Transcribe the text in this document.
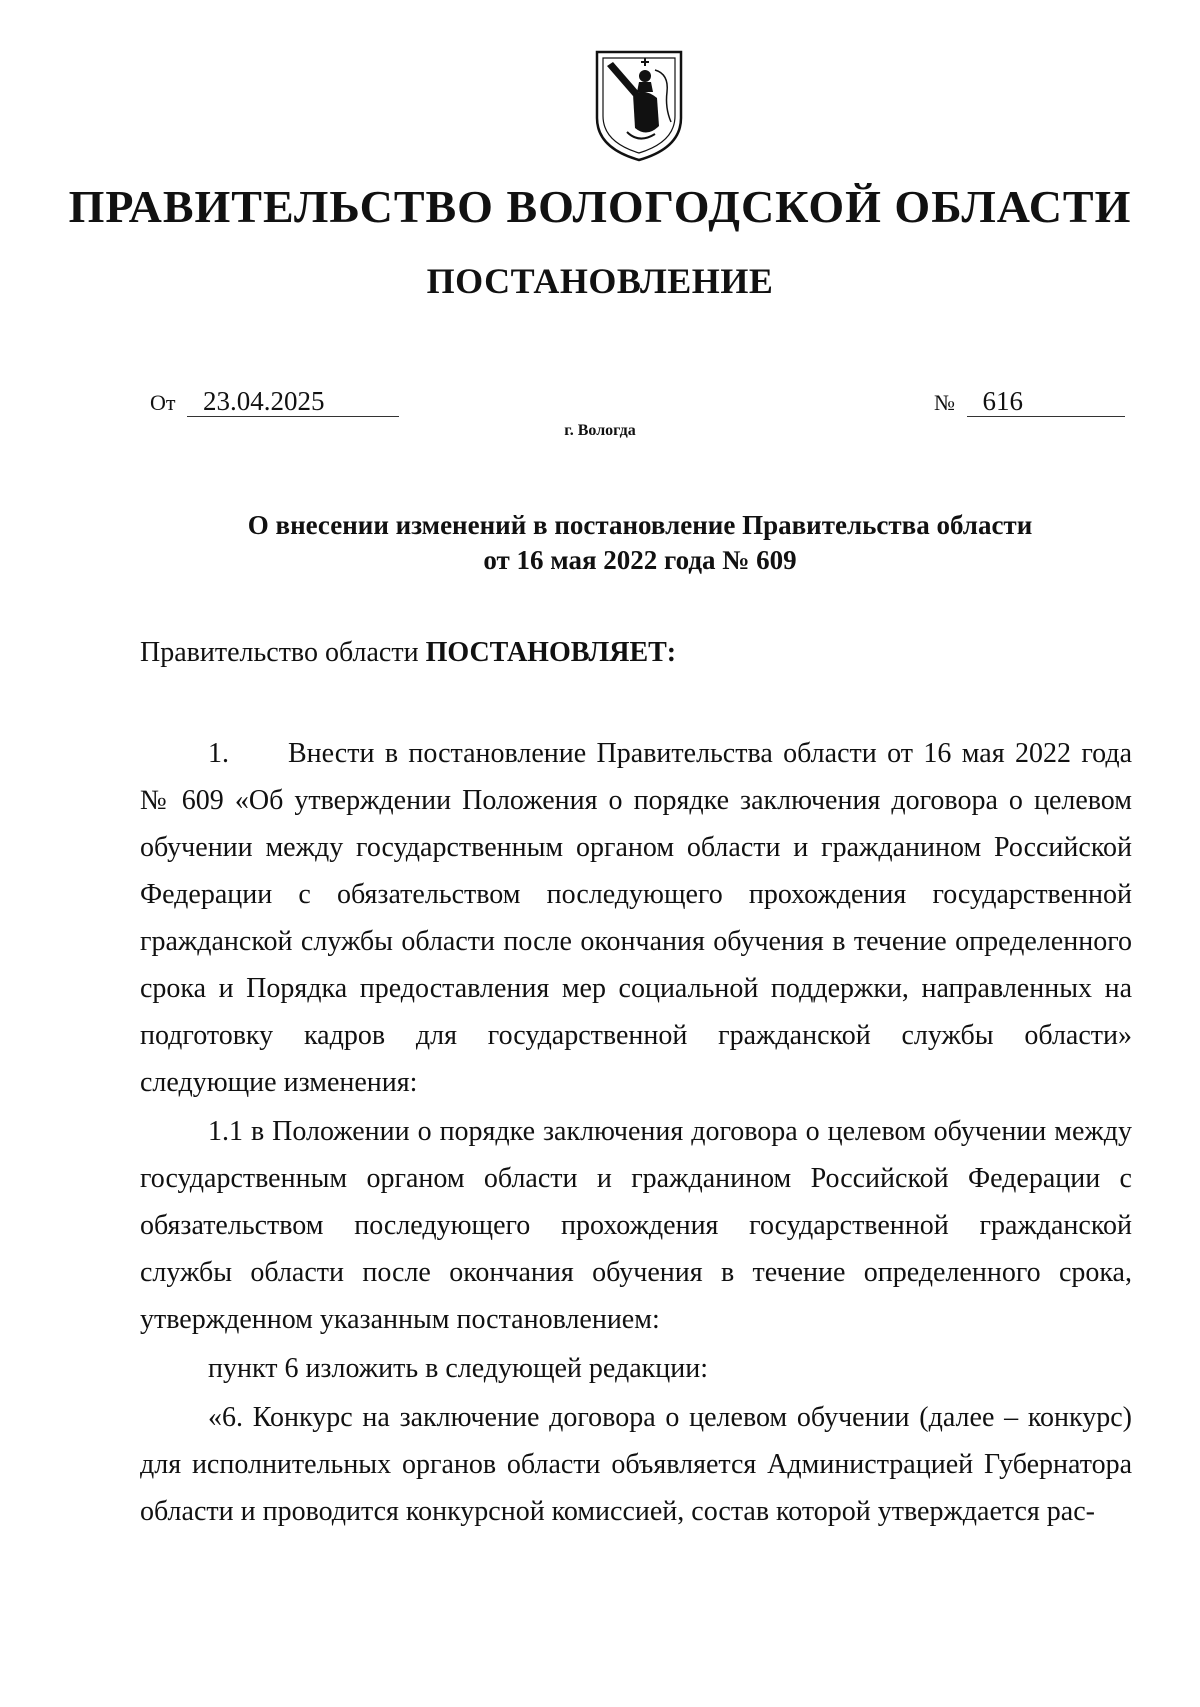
ПРАВИТЕЛЬСТВО ВОЛОГОДСКОЙ ОБЛАСТИ
ПОСТАНОВЛЕНИЕ
От 23.04.2025	№ 616
г. Вологда
О внесении изменений в постановление Правительства области
от 16 мая 2022 года № 609
Правительство области ПОСТАНОВЛЯЕТ:

1. Внести в постановление Правительства области от 16 мая 2022 года № 609 «Об утверждении Положения о порядке заключения договора о целевом обучении между государственным органом области и гражданином Российской Федерации с обязательством последующего прохождения государственной гражданской службы области после окончания обучения в течение определенного срока и Порядка предоставления мер социальной поддержки, направленных на подготовку кадров для государственной гражданской службы области» следующие изменения:

1.1 в Положении о порядке заключения договора о целевом обучении между государственным органом области и гражданином Российской Федерации с обязательством последующего прохождения государственной гражданской службы области после окончания обучения в течение определенного срока, утвержденном указанным постановлением:

пункт 6 изложить в следующей редакции:

«6. Конкурс на заключение договора о целевом обучении (далее – конкурс) для исполнительных органов области объявляется Администрацией Губернатора области и проводится конкурсной комиссией, состав которой утверждается рас-
